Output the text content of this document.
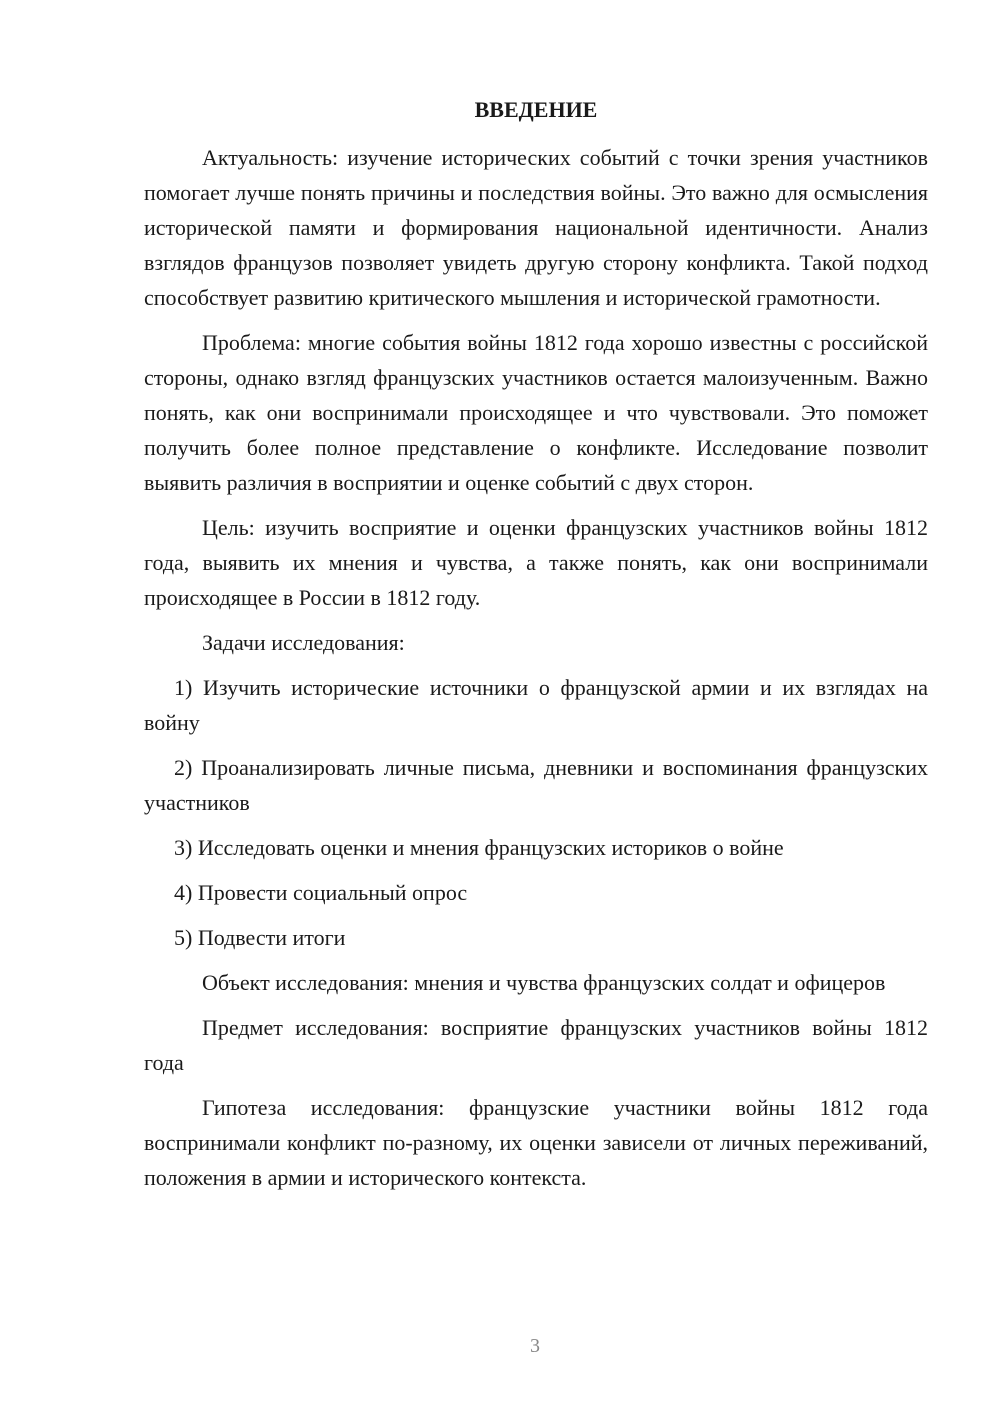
ВВЕДЕНИЕ

Актуальность: изучение исторических событий с точки зрения участников помогает лучше понять причины и последствия войны. Это важно для осмысления исторической памяти и формирования национальной идентичности. Анализ взглядов французов позволяет увидеть другую сторону конфликта. Такой подход способствует развитию критического мышления и исторической грамотности.

Проблема: многие события войны 1812 года хорошо известны с российской стороны, однако взгляд французских участников остается малоизученным. Важно понять, как они воспринимали происходящее и что чувствовали. Это поможет получить более полное представление о конфликте. Исследование позволит выявить различия в восприятии и оценке событий с двух сторон.

Цель: изучить восприятие и оценки французских участников войны 1812 года, выявить их мнения и чувства, а также понять, как они воспринимали происходящее в России в 1812 году.

Задачи исследования:

1) Изучить исторические источники о французской армии и их взглядах на войну

2) Проанализировать личные письма, дневники и воспоминания французских участников

3) Исследовать оценки и мнения французских историков о войне

4) Провести социальный опрос

5) Подвести итоги

Объект исследования: мнения и чувства французских солдат и офицеров

Предмет исследования: восприятие французских участников войны 1812 года

Гипотеза исследования: французские участники войны 1812 года воспринимали конфликт по-разному, их оценки зависели от личных переживаний, положения в армии и исторического контекста.

3
